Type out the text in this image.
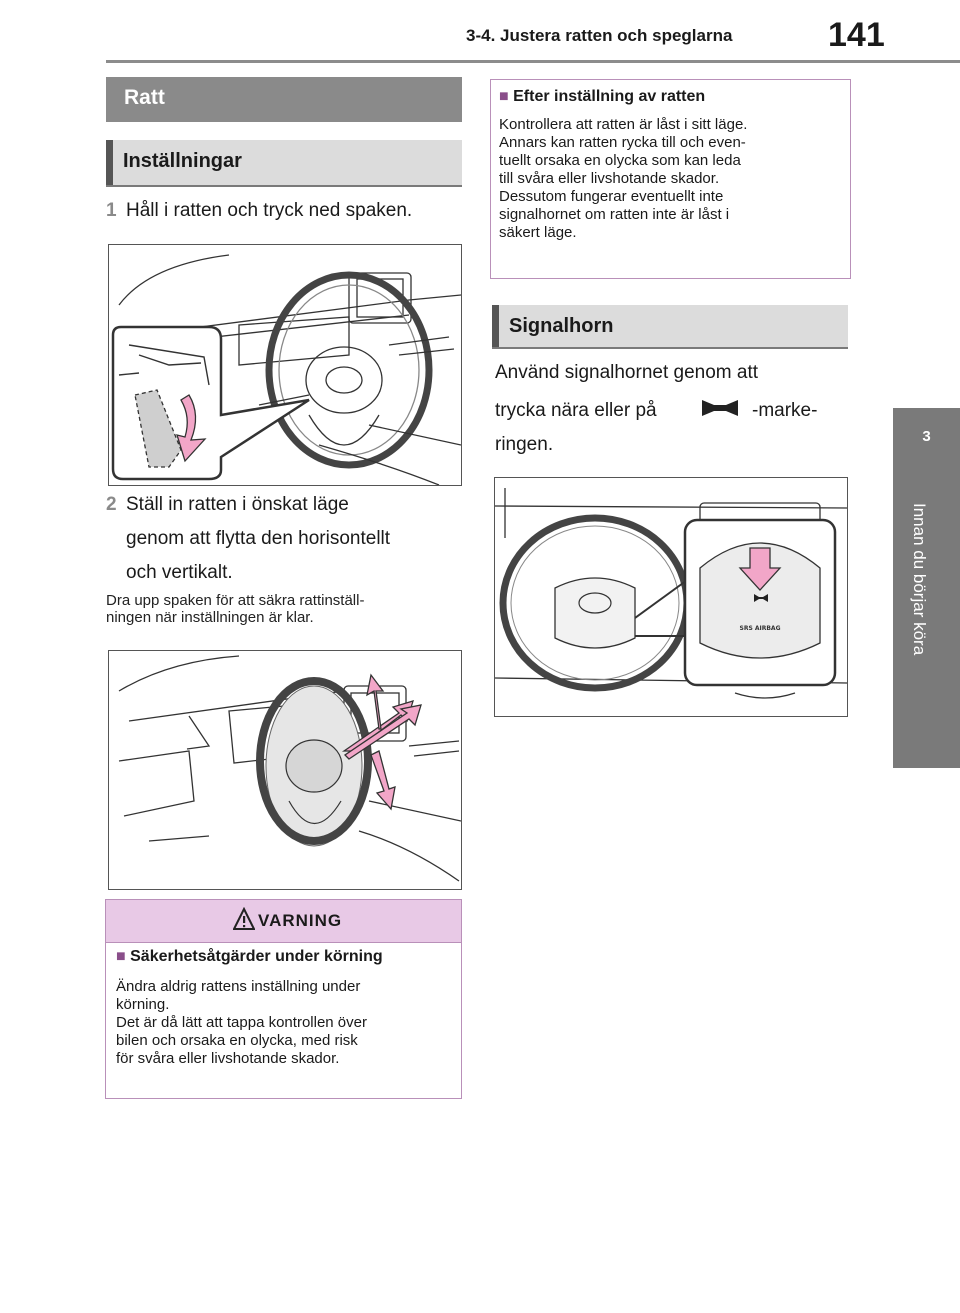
3-4. Justera ratten och speglarna	141
3
Innan du börjar köra
Ratt
Inställningar
1 Håll i ratten och tryck ned spaken.
2 Ställ in ratten i önskat läge
genom att flytta den horisontellt
och vertikalt.
Dra upp spaken för att säkra rattinställ-
ningen när inställningen är klar.
VARNING
■ Säkerhetsåtgärder under körning
Ändra aldrig rattens inställning under
körning.
Det är då lätt att tappa kontrollen över
bilen och orsaka en olycka, med risk
för svåra eller livshotande skador.
■ Efter inställning av ratten
Kontrollera att ratten är låst i sitt läge.
Annars kan ratten rycka till och even-
tuellt orsaka en olycka som kan leda
till svåra eller livshotande skador.
Dessutom fungerar eventuellt inte
signalhornet om ratten inte är låst i
säkert läge.
Signalhorn
Använd signalhornet genom att
trycka nära eller på	-marke-
ringen.
SRS AIRBAG
